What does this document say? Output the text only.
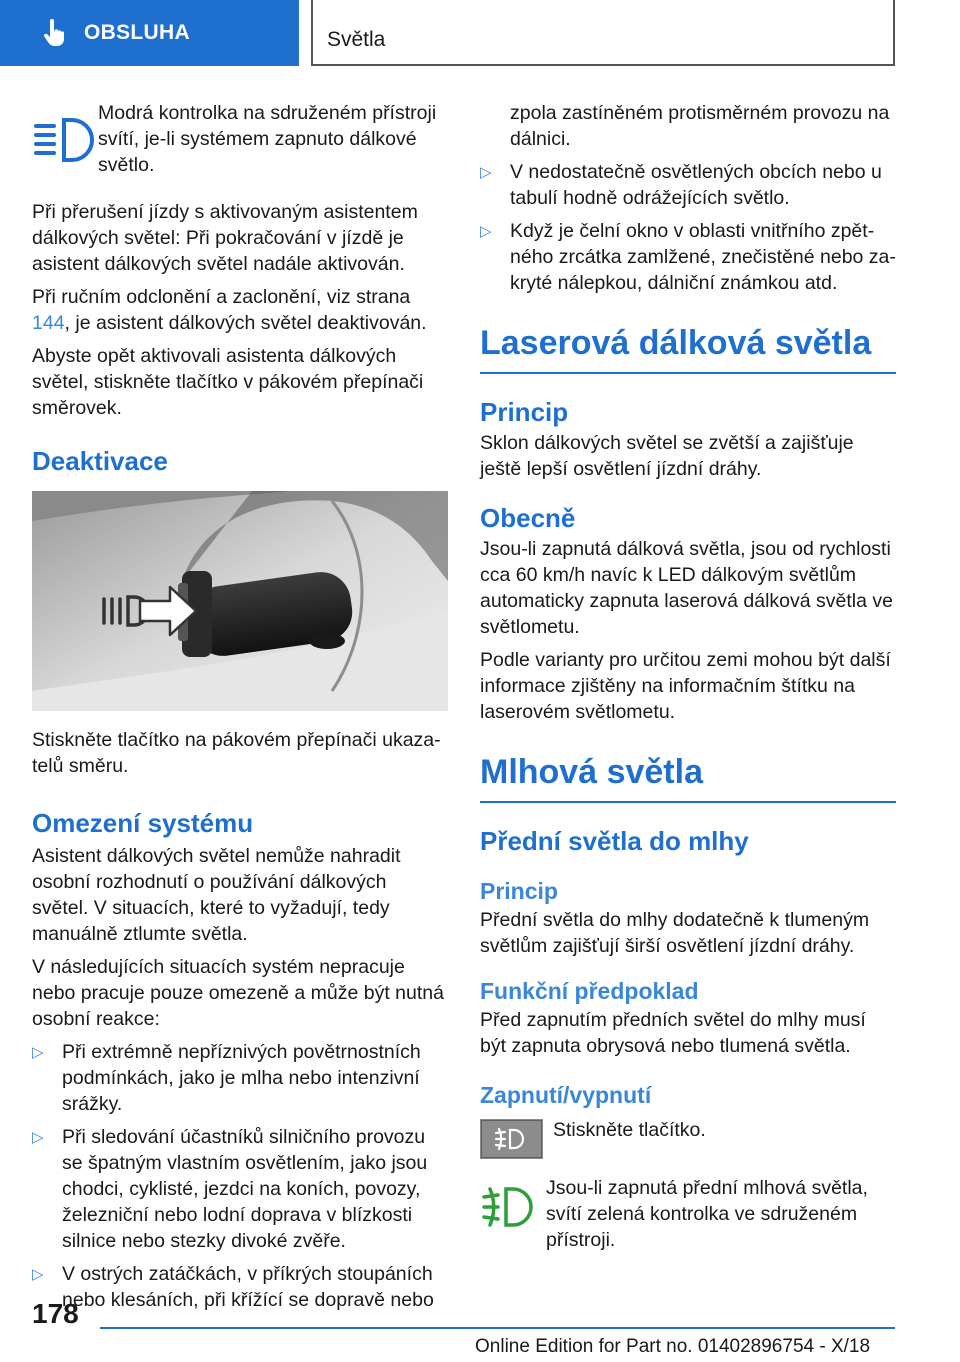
OBSLUHA	Světla

Modrá kontrolka na sdruženém přístroji svítí, je-li systémem zapnuto dálkové světlo.

Při přerušení jízdy s aktivovaným asistentem dálkových světel: Při pokračování v jízdě je asistent dálkových světel nadále aktivován.

Při ručním odclonění a zaclonění, viz strana 144, je asistent dálkových světel deaktivován.

Abyste opět aktivovali asistenta dálkových světel, stiskněte tlačítko v pákovém přepínači směrovek.

Deaktivace

Stiskněte tlačítko na pákovém přepínači ukazatelů směru.

Omezení systému

Asistent dálkových světel nemůže nahradit osobní rozhodnutí o používání dálkových světel. V situacích, které to vyžadují, tedy manuálně ztlumte světla.

V následujících situacích systém nepracuje nebo pracuje pouze omezeně a může být nutná osobní reakce:

▷ Při extrémně nepříznivých povětrnostních podmínkách, jako je mlha nebo intenzivní srážky.
▷ Při sledování účastníků silničního provozu se špatným vlastním osvětlením, jako jsou chodci, cyklisté, jezdci na koních, povozy, železniční nebo lodní doprava v blízkosti silnice nebo stezky divoké zvěře.
▷ V ostrých zatáčkách, v příkrých stoupáních nebo klesáních, při křížící se dopravě nebo

zpola zastíněném protisměrném provozu na dálnici.

▷ V nedostatečně osvětlených obcích nebo u tabulí hodně odrážejících světlo.
▷ Když je čelní okno v oblasti vnitřního zpětného zrcátka zamlžené, znečistěné nebo zakryté nálepkou, dálniční známkou atd.
Laserová dálková světla
Princip

Sklon dálkových světel se zvětší a zajišťuje ještě lepší osvětlení jízdní dráhy.

Obecně

Jsou-li zapnutá dálková světla, jsou od rychlosti cca 60 km/h navíc k LED dálkovým světlům automaticky zapnuta laserová dálková světla ve světlometu.

Podle varianty pro určitou zemi mohou být další informace zjištěny na informačním štítku na laserovém světlometu.

Mlhová světla
Přední světla do mlhy
Princip

Přední světla do mlhy dodatečně k tlumeným světlům zajišťují širší osvětlení jízdní dráhy.

Funkční předpoklad

Před zapnutím předních světel do mlhy musí být zapnuta obrysová nebo tlumená světla.

Zapnutí/vypnutí

Stiskněte tlačítko.

Jsou-li zapnutá přední mlhová světla, svítí zelená kontrolka ve sdruženém přístroji.

178
Online Edition for Part no. 01402896754 - X/18
